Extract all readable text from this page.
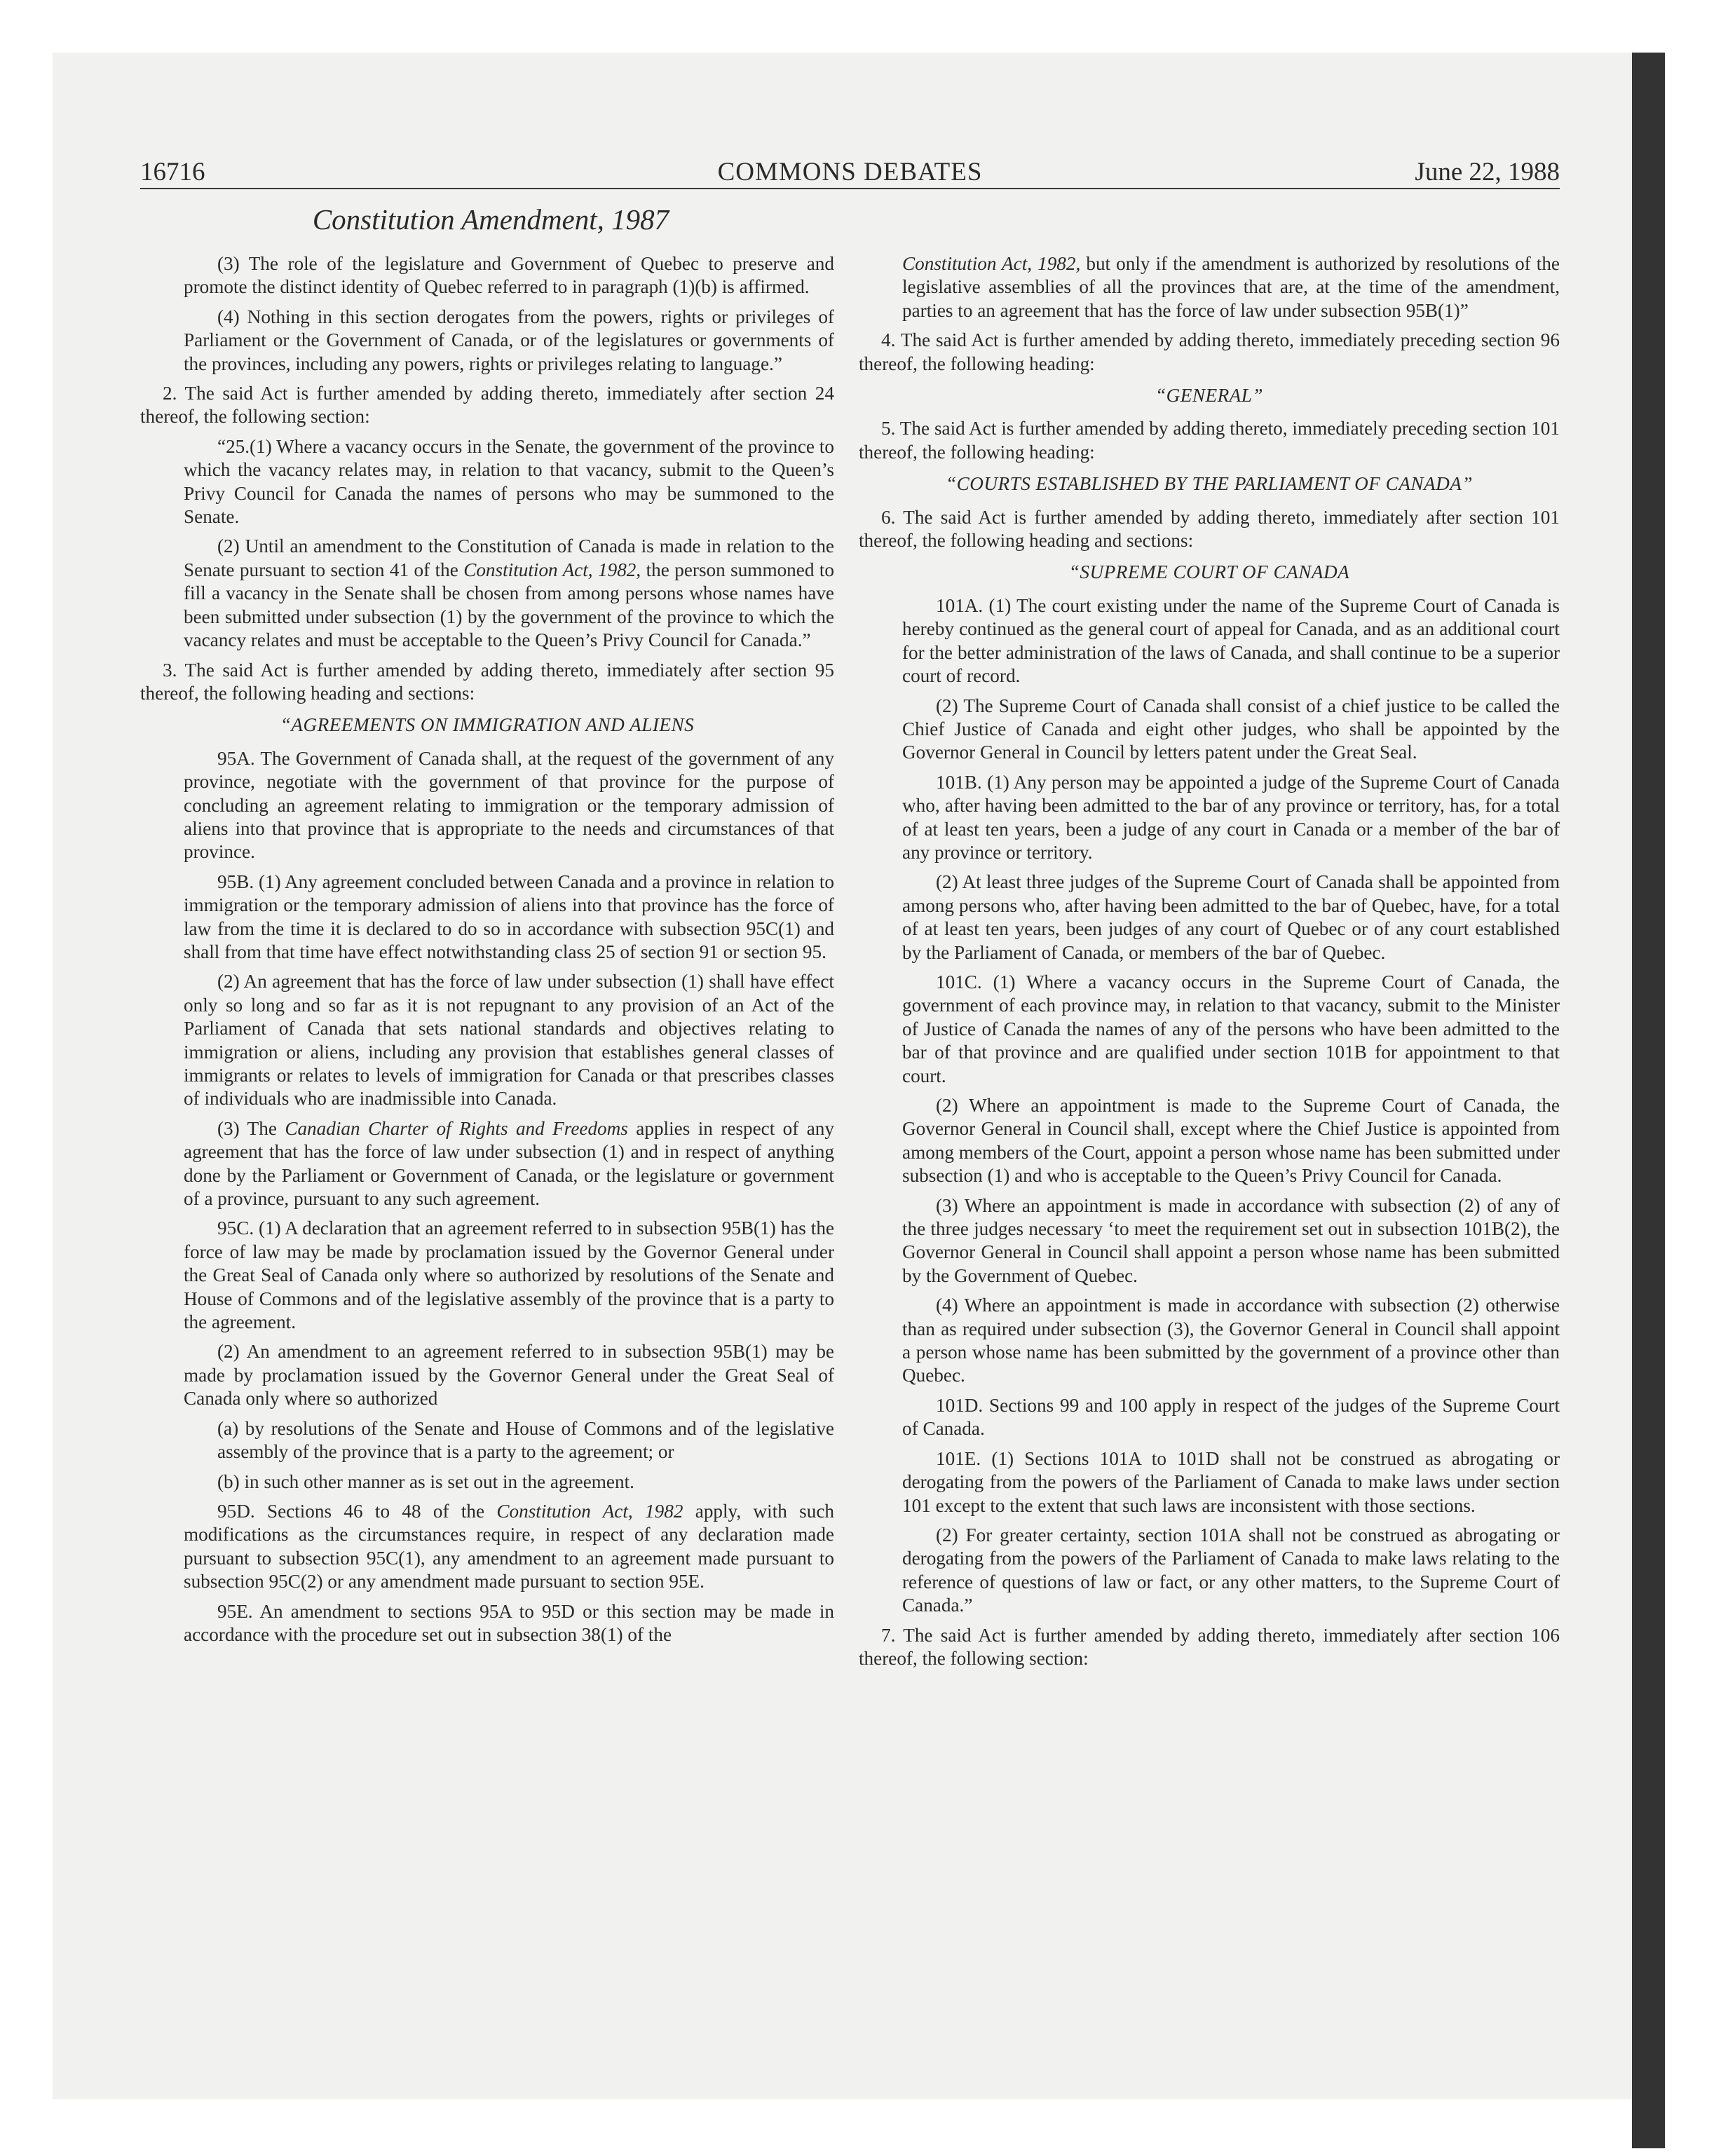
16716	COMMONS DEBATES	June 22, 1988
Constitution Amendment, 1987

(3) The role of the legislature and Government of Quebec to preserve and promote the distinct identity of Quebec referred to in paragraph (1)(b) is affirmed.

(4) Nothing in this section derogates from the powers, rights or privileges of Parliament or the Government of Canada, or of the legislatures or governments of the provinces, including any powers, rights or privileges relating to language.”

2. The said Act is further amended by adding thereto, immediately after section 24 thereof, the following section:

“25.(1) Where a vacancy occurs in the Senate, the government of the province to which the vacancy relates may, in relation to that vacancy, submit to the Queen’s Privy Council for Canada the names of persons who may be summoned to the Senate.

(2) Until an amendment to the Constitution of Canada is made in relation to the Senate pursuant to section 41 of the Constitution Act, 1982, the person summoned to fill a vacancy in the Senate shall be chosen from among persons whose names have been submitted under subsection (1) by the government of the province to which the vacancy relates and must be acceptable to the Queen’s Privy Council for Canada.”

3. The said Act is further amended by adding thereto, immediately after section 95 thereof, the following heading and sections:

“AGREEMENTS ON IMMIGRATION AND ALIENS

95A. The Government of Canada shall, at the request of the government of any province, negotiate with the government of that province for the purpose of concluding an agreement relating to immigration or the temporary admission of aliens into that province that is appropriate to the needs and circumstances of that province.

95B. (1) Any agreement concluded between Canada and a province in relation to immigration or the temporary admission of aliens into that province has the force of law from the time it is declared to do so in accordance with subsection 95C(1) and shall from that time have effect notwithstanding class 25 of section 91 or section 95.

(2) An agreement that has the force of law under subsection (1) shall have effect only so long and so far as it is not repugnant to any provision of an Act of the Parliament of Canada that sets national standards and objectives relating to immigration or aliens, including any provision that establishes general classes of immigrants or relates to levels of immigration for Canada or that prescribes classes of individuals who are inadmissible into Canada.

(3) The Canadian Charter of Rights and Freedoms applies in respect of any agreement that has the force of law under subsection (1) and in respect of anything done by the Parliament or Government of Canada, or the legislature or government of a province, pursuant to any such agreement.

95C. (1) A declaration that an agreement referred to in subsection 95B(1) has the force of law may be made by proclamation issued by the Governor General under the Great Seal of Canada only where so authorized by resolutions of the Senate and House of Commons and of the legislative assembly of the province that is a party to the agreement.

(2) An amendment to an agreement referred to in subsection 95B(1) may be made by proclamation issued by the Governor General under the Great Seal of Canada only where so authorized

(a) by resolutions of the Senate and House of Commons and of the legislative assembly of the province that is a party to the agreement; or

(b) in such other manner as is set out in the agreement.

95D. Sections 46 to 48 of the Constitution Act, 1982 apply, with such modifications as the circumstances require, in respect of any declaration made pursuant to subsection 95C(1), any amendment to an agreement made pursuant to subsection 95C(2) or any amendment made pursuant to section 95E.

95E. An amendment to sections 95A to 95D or this section may be made in accordance with the procedure set out in subsection 38(1) of the

Constitution Act, 1982, but only if the amendment is authorized by resolutions of the legislative assemblies of all the provinces that are, at the time of the amendment, parties to an agreement that has the force of law under subsection 95B(1)”

4. The said Act is further amended by adding thereto, immediately preceding section 96 thereof, the following heading:

“GENERAL”

5. The said Act is further amended by adding thereto, immediately preceding section 101 thereof, the following heading:

“COURTS ESTABLISHED BY THE PARLIAMENT OF CANADA”

6. The said Act is further amended by adding thereto, immediately after section 101 thereof, the following heading and sections:

“SUPREME COURT OF CANADA

101A. (1) The court existing under the name of the Supreme Court of Canada is hereby continued as the general court of appeal for Canada, and as an additional court for the better administration of the laws of Canada, and shall continue to be a superior court of record.

(2) The Supreme Court of Canada shall consist of a chief justice to be called the Chief Justice of Canada and eight other judges, who shall be appointed by the Governor General in Council by letters patent under the Great Seal.

101B. (1) Any person may be appointed a judge of the Supreme Court of Canada who, after having been admitted to the bar of any province or territory, has, for a total of at least ten years, been a judge of any court in Canada or a member of the bar of any province or territory.

(2) At least three judges of the Supreme Court of Canada shall be appointed from among persons who, after having been admitted to the bar of Quebec, have, for a total of at least ten years, been judges of any court of Quebec or of any court established by the Parliament of Canada, or members of the bar of Quebec.

101C. (1) Where a vacancy occurs in the Supreme Court of Canada, the government of each province may, in relation to that vacancy, submit to the Minister of Justice of Canada the names of any of the persons who have been admitted to the bar of that province and are qualified under section 101B for appointment to that court.

(2) Where an appointment is made to the Supreme Court of Canada, the Governor General in Council shall, except where the Chief Justice is appointed from among members of the Court, appoint a person whose name has been submitted under subsection (1) and who is acceptable to the Queen’s Privy Council for Canada.

(3) Where an appointment is made in accordance with subsection (2) of any of the three judges necessary ‘to meet the requirement set out in subsection 101B(2), the Governor General in Council shall appoint a person whose name has been submitted by the Government of Quebec.

(4) Where an appointment is made in accordance with subsection (2) otherwise than as required under subsection (3), the Governor General in Council shall appoint a person whose name has been submitted by the government of a province other than Quebec.

101D. Sections 99 and 100 apply in respect of the judges of the Supreme Court of Canada.

101E. (1) Sections 101A to 101D shall not be construed as abrogating or derogating from the powers of the Parliament of Canada to make laws under section 101 except to the extent that such laws are inconsistent with those sections.

(2) For greater certainty, section 101A shall not be construed as abrogating or derogating from the powers of the Parliament of Canada to make laws relating to the reference of questions of law or fact, or any other matters, to the Supreme Court of Canada.”

7. The said Act is further amended by adding thereto, immediately after section 106 thereof, the following section:
